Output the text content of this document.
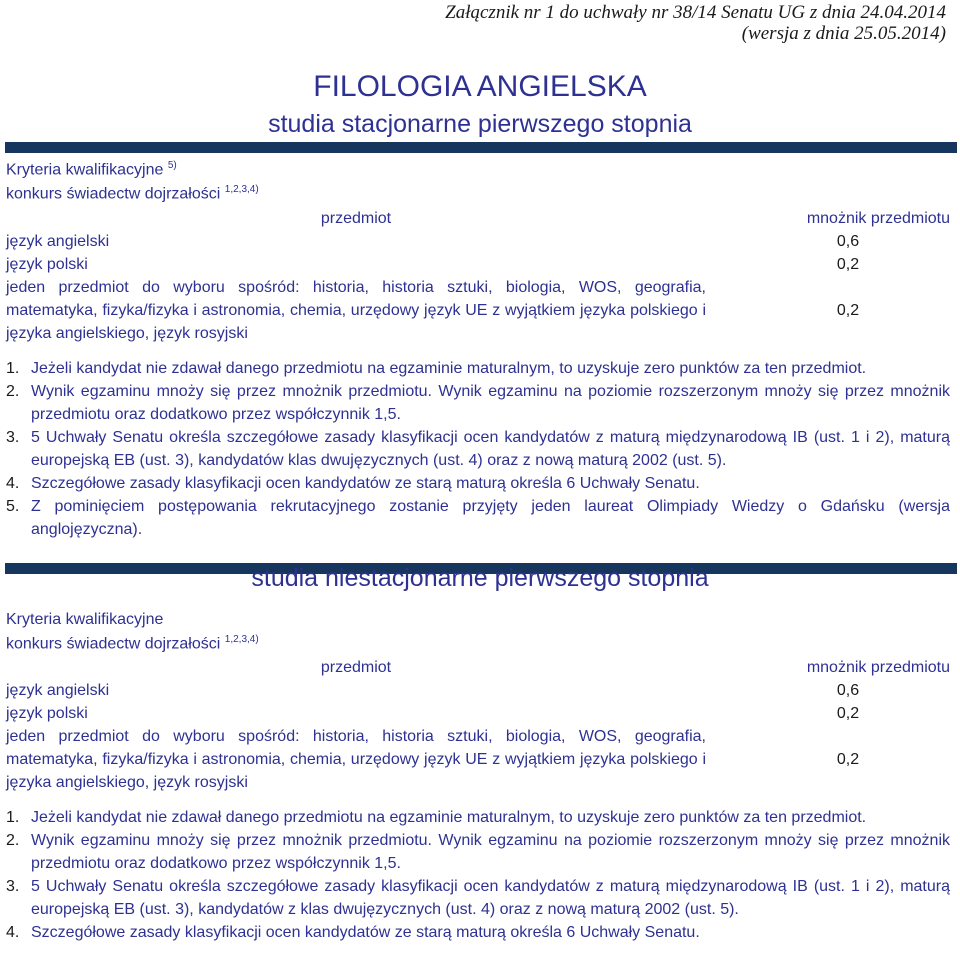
Załącznik nr 1 do uchwały nr 38/14 Senatu UG z dnia 24.04.2014
(wersja z dnia 25.05.2014)
FILOLOGIA ANGIELSKA
studia stacjonarne pierwszego stopnia
Kryteria kwalifikacyjne $^{5)}$
konkurs świadectw dojrzałości $^{1,2,3,4)}$
przedmiot	mnożnik przedmiotu
język angielski	0,6
język polski	0,2
jeden przedmiot do wyboru spośród: historia, historia sztuki, biologia, WOS, geografia, matematyka, fizyka/fizyka i astronomia, chemia, urzędowy język UE z wyjątkiem języka polskiego i języka angielskiego, język rosyjski	0,2
1. Jeżeli kandydat nie zdawał danego przedmiotu na egzaminie maturalnym, to uzyskuje zero punktów za ten przedmiot.
2. Wynik egzaminu mnoży się przez mnożnik przedmiotu. Wynik egzaminu na poziomie rozszerzonym mnoży się przez mnożnik przedmiotu oraz dodatkowo przez współczynnik 1,5.
3. 5 Uchwały Senatu określa szczegółowe zasady klasyfikacji ocen kandydatów z maturą międzynarodową IB (ust. 1 i 2), maturą europejską EB (ust. 3), kandydatów klas dwujęzycznych (ust. 4) oraz z nową maturą 2002 (ust. 5).
4. Szczegółowe zasady klasyfikacji ocen kandydatów ze starą maturą określa 6 Uchwały Senatu.
5. Z pominięciem postępowania rekrutacyjnego zostanie przyjęty jeden laureat Olimpiady Wiedzy o Gdańsku (wersja anglojęzyczna).
studia niestacjonarne pierwszego stopnia
Kryteria kwalifikacyjne
konkurs świadectw dojrzałości $^{1,2,3,4)}$
przedmiot	mnożnik przedmiotu
język angielski	0,6
język polski	0,2
jeden przedmiot do wyboru spośród: historia, historia sztuki, biologia, WOS, geografia, matematyka, fizyka/fizyka i astronomia, chemia, urzędowy język UE z wyjątkiem języka polskiego i języka angielskiego, język rosyjski	0,2
1. Jeżeli kandydat nie zdawał danego przedmiotu na egzaminie maturalnym, to uzyskuje zero punktów za ten przedmiot.
2. Wynik egzaminu mnoży się przez mnożnik przedmiotu. Wynik egzaminu na poziomie rozszerzonym mnoży się przez mnożnik przedmiotu oraz dodatkowo przez współczynnik 1,5.
3. 5 Uchwały Senatu określa szczegółowe zasady klasyfikacji ocen kandydatów z maturą międzynarodową IB (ust. 1 i 2), maturą europejską EB (ust. 3), kandydatów z klas dwujęzycznych (ust. 4) oraz z nową maturą 2002 (ust. 5).
4. Szczegółowe zasady klasyfikacji ocen kandydatów ze starą maturą określa 6 Uchwały Senatu.
